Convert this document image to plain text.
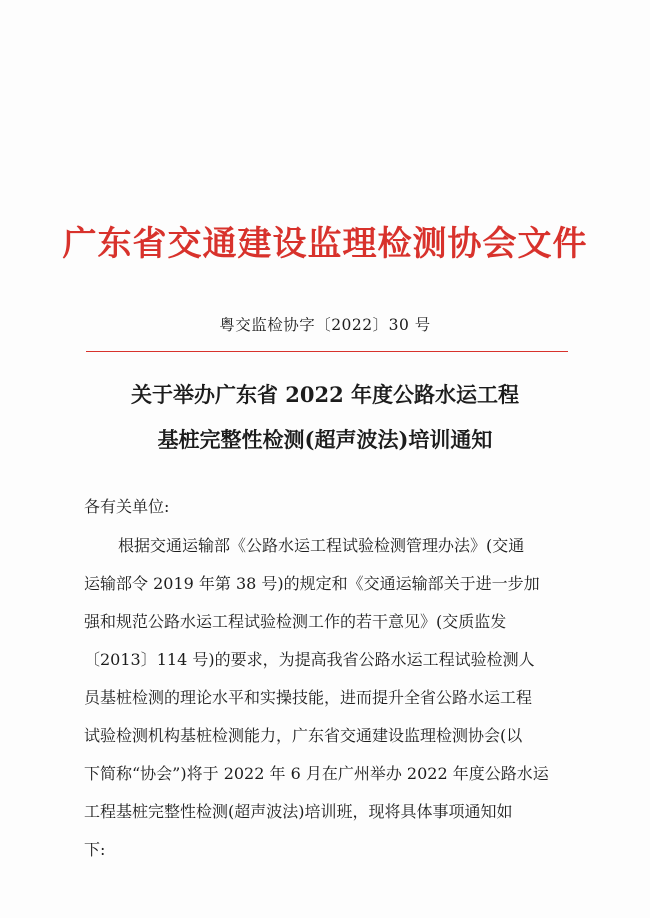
广东省交通建设监理检测协会文件
粤交监检协字〔2022〕30 号
关于举办广东省 2022 年度公路水运工程
基桩完整性检测(超声波法)培训通知
各有关单位:
根据交通运输部《公路水运工程试验检测管理办法》(交通
运输部令 2019 年第 38 号)的规定和《交通运输部关于进一步加
强和规范公路水运工程试验检测工作的若干意见》(交质监发
〔2013〕114 号)的要求，为提高我省公路水运工程试验检测人
员基桩检测的理论水平和实操技能，进而提升全省公路水运工程
试验检测机构基桩检测能力，广东省交通建设监理检测协会(以
下简称“协会”)将于 2022 年 6 月在广州举办 2022 年度公路水运
工程基桩完整性检测(超声波法)培训班，现将具体事项通知如
下:
